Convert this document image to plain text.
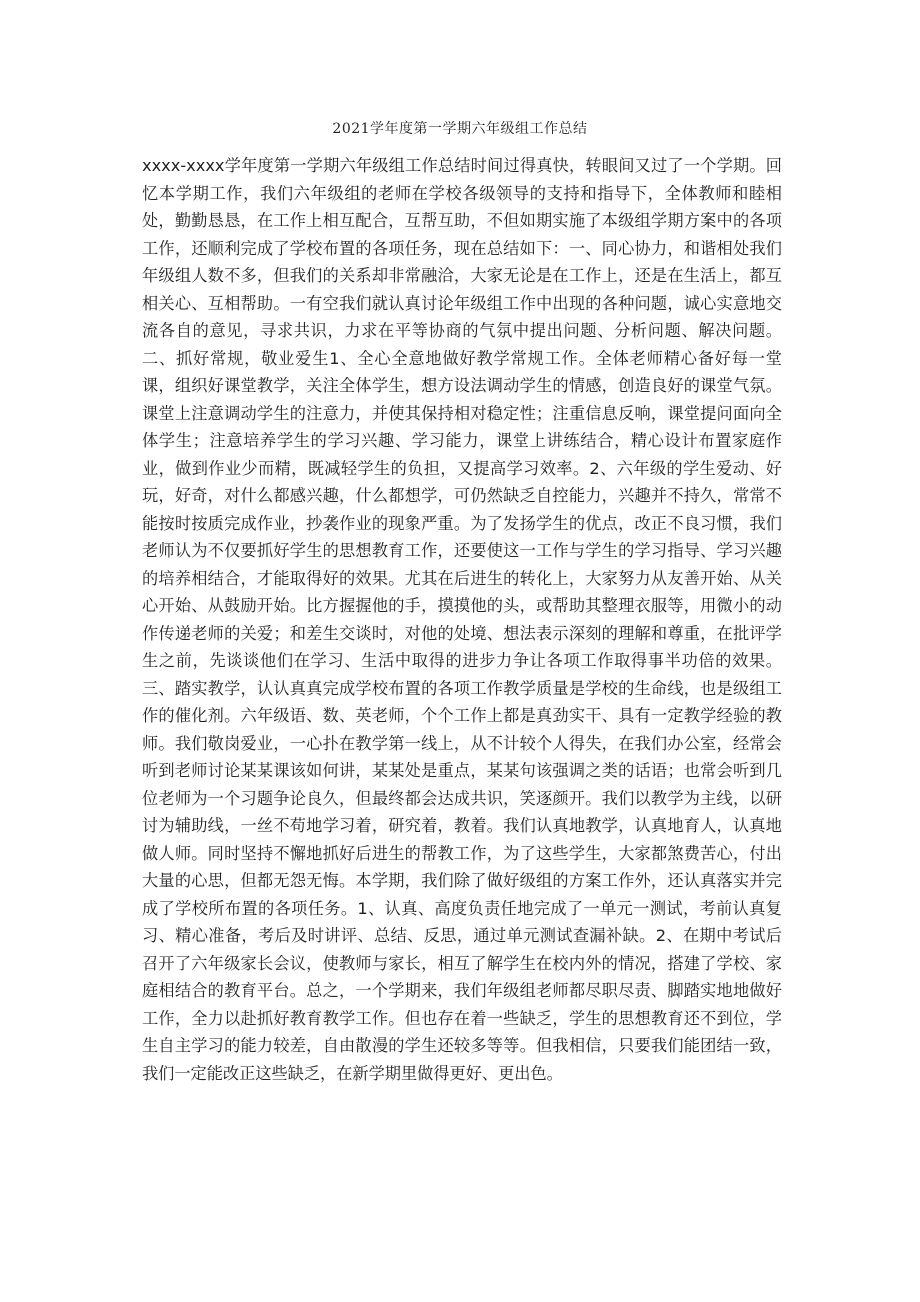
2021学年度第一学期六年级组工作总结

xxxx-xxxx学年度第一学期六年级组工作总结时间过得真快，转眼间又过了一个学期。回忆本学期工作，我们六年级组的老师在学校各级领导的支持和指导下，全体教师和睦相处，勤勤恳恳，在工作上相互配合，互帮互助，不但如期实施了本级组学期方案中的各项工作，还顺利完成了学校布置的各项任务，现在总结如下：一、同心协力，和谐相处我们年级组人数不多，但我们的关系却非常融洽，大家无论是在工作上，还是在生活上，都互相关心、互相帮助。一有空我们就认真讨论年级组工作中出现的各种问题，诚心实意地交流各自的意见，寻求共识，力求在平等协商的气氛中提出问题、分析问题、解决问题。二、抓好常规，敬业爱生1、全心全意地做好教学常规工作。全体老师精心备好每一堂课，组织好课堂教学，关注全体学生，想方设法调动学生的情感，创造良好的课堂气氛。课堂上注意调动学生的注意力，并使其保持相对稳定性；注重信息反响，课堂提问面向全体学生；注意培养学生的学习兴趣、学习能力，课堂上讲练结合，精心设计布置家庭作业，做到作业少而精，既减轻学生的负担，又提高学习效率。2、六年级的学生爱动、好玩，好奇，对什么都感兴趣，什么都想学，可仍然缺乏自控能力，兴趣并不持久，常常不能按时按质完成作业，抄袭作业的现象严重。为了发扬学生的优点，改正不良习惯，我们老师认为不仅要抓好学生的思想教育工作，还要使这一工作与学生的学习指导、学习兴趣的培养相结合，才能取得好的效果。尤其在后进生的转化上，大家努力从友善开始、从关心开始、从鼓励开始。比方握握他的手，摸摸他的头，或帮助其整理衣服等，用微小的动作传递老师的关爱；和差生交谈时，对他的处境、想法表示深刻的理解和尊重，在批评学生之前，先谈谈他们在学习、生活中取得的进步力争让各项工作取得事半功倍的效果。三、踏实教学，认认真真完成学校布置的各项工作教学质量是学校的生命线，也是级组工作的催化剂。六年级语、数、英老师，个个工作上都是真劲实干、具有一定教学经验的教师。我们敬岗爱业，一心扑在教学第一线上，从不计较个人得失，在我们办公室，经常会听到老师讨论某某课该如何讲，某某处是重点，某某句该强调之类的话语；也常会听到几位老师为一个习题争论良久，但最终都会达成共识，笑逐颜开。我们以教学为主线，以研讨为辅助线，一丝不苟地学习着，研究着，教着。我们认真地教学，认真地育人，认真地做人师。同时坚持不懈地抓好后进生的帮教工作，为了这些学生，大家都煞费苦心，付出大量的心思，但都无怨无悔。本学期，我们除了做好级组的方案工作外，还认真落实并完成了学校所布置的各项任务。1、认真、高度负责任地完成了一单元一测试，考前认真复习、精心准备，考后及时讲评、总结、反思，通过单元测试查漏补缺。2、在期中考试后召开了六年级家长会议，使教师与家长，相互了解学生在校内外的情况，搭建了学校、家庭相结合的教育平台。总之，一个学期来，我们年级组老师都尽职尽责、脚踏实地地做好工作，全力以赴抓好教育教学工作。但也存在着一些缺乏，学生的思想教育还不到位，学生自主学习的能力较差，自由散漫的学生还较多等等。但我相信，只要我们能团结一致，我们一定能改正这些缺乏，在新学期里做得更好、更出色。
